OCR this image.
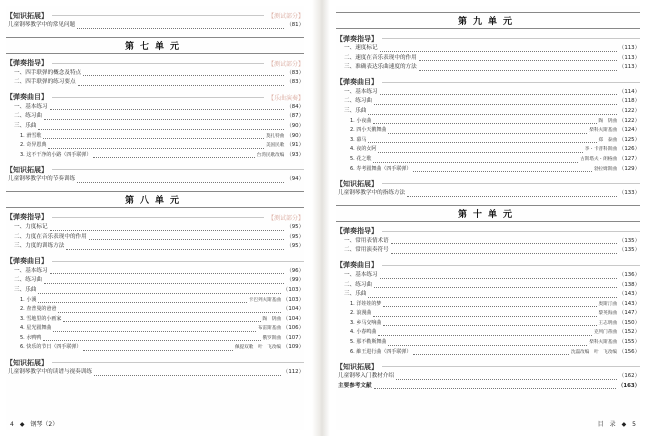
【知识拓展】	【测试部分】
儿童钢琴教学中的常见问题	（81）
第七单元
【弹奏指导】	【测试部分】
一、四手联弹的概念及特点	（83）
二、四手联弹的练习要点	（83）
【弹奏曲目】	【乐曲演奏】
一、基本练习	（84）
二、练习曲	（87）
三、乐曲	（90）
1. 滑雪歌	莫扎特曲 （90）
2. 奇异恩典	美国民歌 （91）
3. 这不干净的小路（四手联弹）	台湾民歌改编 （93）
【知识拓展】
儿童钢琴教学中的节奏训练	（94）
第八单元
【弹奏指导】	【测试部分】
一、力度标记	（95）
二、力度在音乐表现中的作用	（95）
三、力度的训练方法	（95）
【弹奏曲目】
一、基本练习	（96）
二、练习曲	（99）
三、乐曲	（103）
1. 小溪	卡巴列夫斯基曲 （103）
2. 查普曼的爸爸	（104）
3. 雪地里的小画家	陶　钥曲 （104）
4. 星光圆舞曲	布雷斯基曲 （106）
5. 水鸭鸭	俄罗斯曲 （107）
6. 快乐的节日（四手联弹）	佩提双歌　叶　飞改编 （109）
【知识拓展】
儿童钢琴教学中的读谱与视奏训练	（112）
4　◆　钢琴（2）
第九单元
【弹奏指导】
一、速度标记	（113）
二、速度在音乐表现中的作用	（113）
三、准确表达乐曲速度的方法	（113）
【弹奏曲目】
一、基本练习	（114）
二、练习曲	（118）
三、乐曲	（122）
1. 小夜曲	陶　钥曲 （122）
2. 四小天鹅舞曲	柴科夫斯基曲 （124）
3. 幕马	郑　泰曲 （125）
4. 夜的女阿	李・卡普科斯曲 （126）
5. 花之歌	古斯塔夫・朗格曲 （127）
6. 寿考圆舞曲（四手联弹）	勃拉姆斯曲 （129）
【知识拓展】
儿童钢琴教学中的指练方法	（133）
第十单元
【弹奏指导】
一、常用表情术语	（135）
二、常用演奏符号	（135）
【弹奏曲目】
一、基本练习	（136）
二、练习曲	（138）
三、乐曲	（143）
1. 洋娃娃的梦	奥斯汀曲 （143）
2. 浪漫曲	黎英海曲 （147）
3. 乡马交响曲	王志明曲 （150）
4. 小春鸣曲	克列门蒂曲 （152）
5. 那不勒斯舞曲	柴科夫斯基曲 （155）
6. 維王进行曲（四手联弹）	沈磊改编　叶　飞改编 （156）
【知识拓展】
儿童钢琴入门教材介绍	（162）
主要参考文献	（163）
目　录　◆　5
